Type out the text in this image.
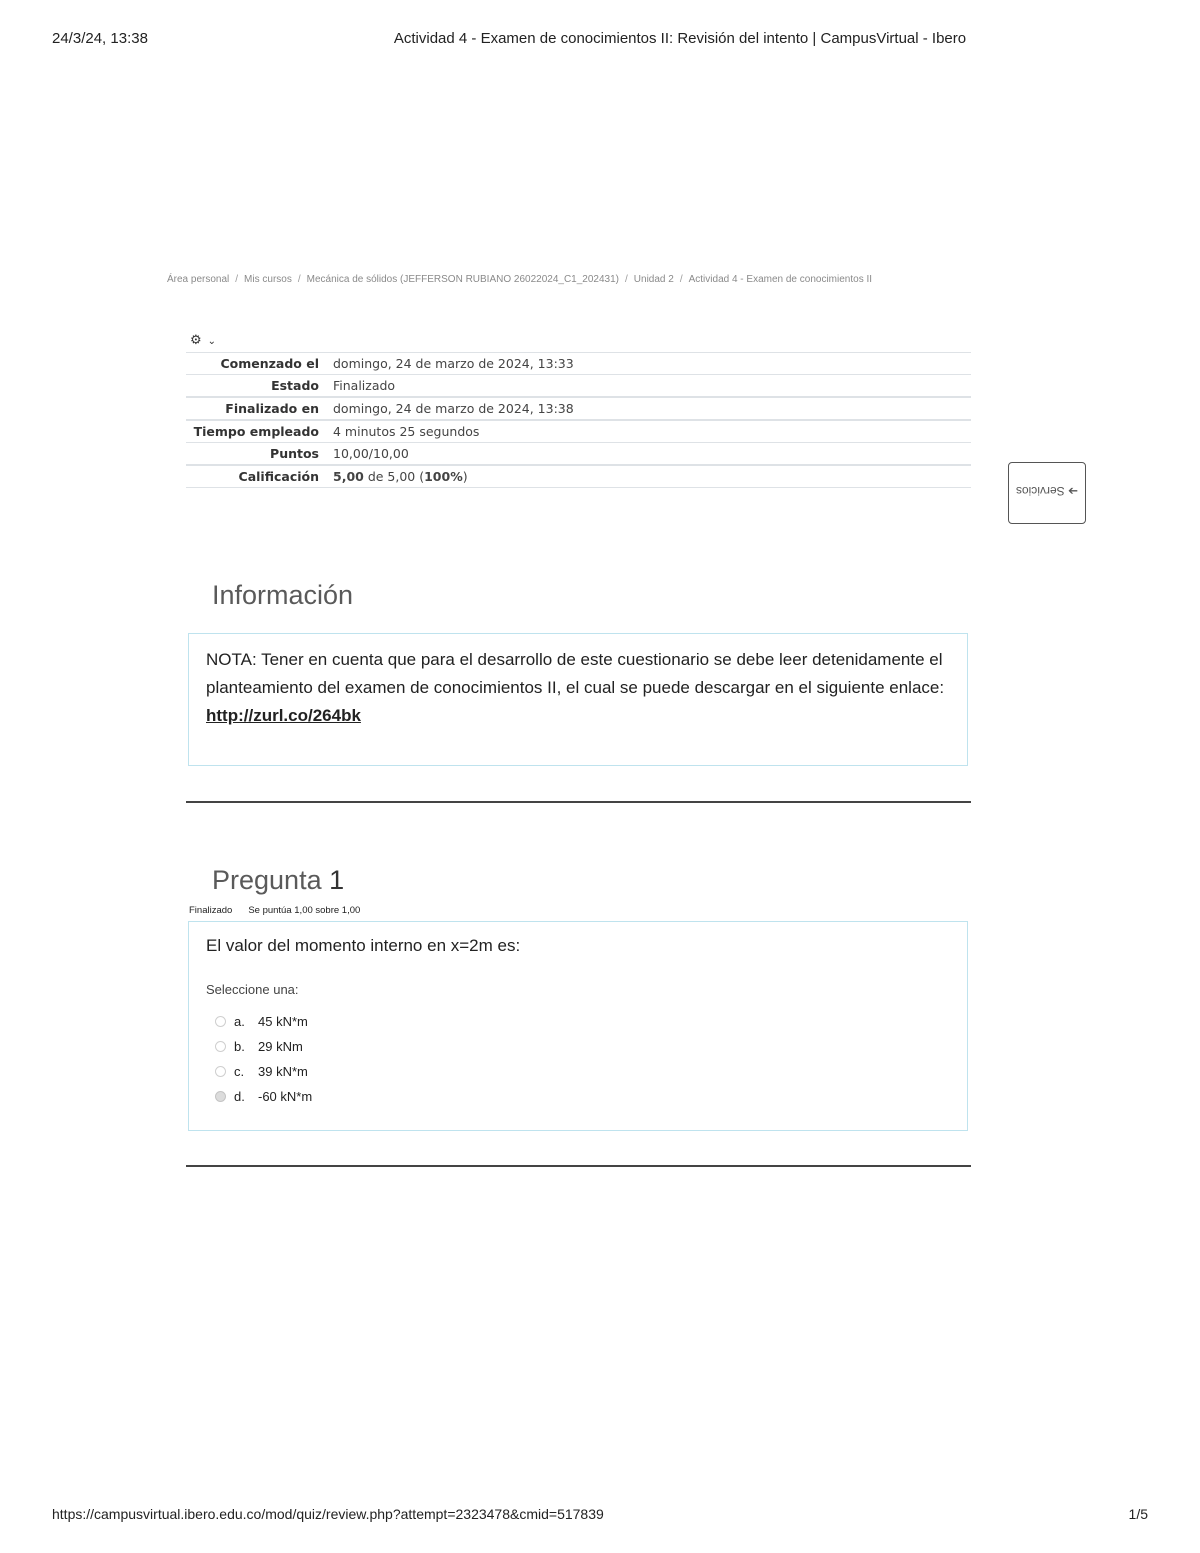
24/3/24, 13:38	Actividad 4 - Examen de conocimientos II: Revisión del intento | CampusVirtual - Ibero
Área personal / Mis cursos / Mecánica de sólidos (JEFFERSON RUBIANO 26022024_C1_202431) / Unidad 2 / Actividad 4 - Examen de conocimientos II
⚙ ⌄
Comenzado el	domingo, 24 de marzo de 2024, 13:33
Estado	Finalizado
Finalizado en	domingo, 24 de marzo de 2024, 13:38
Tiempo empleado	4 minutos 25 segundos
Puntos	10,00/10,00
Calificación	5,00 de 5,00 (100%)
➔ Servicios
Información
NOTA: Tener en cuenta que para el desarrollo de este cuestionario se debe leer detenidamente el planteamiento del examen de conocimientos II, el cual se puede descargar en el siguiente enlace: http://zurl.co/264bk
Pregunta 1
Finalizado Se puntúa 1,00 sobre 1,00
El valor del momento interno en x=2m es:
Seleccione una:
a.	45 kN*m
b.	29 kNm
c.	39 kN*m
d.	-60 kN*m
https://campusvirtual.ibero.edu.co/mod/quiz/review.php?attempt=2323478&cmid=517839	1/5
